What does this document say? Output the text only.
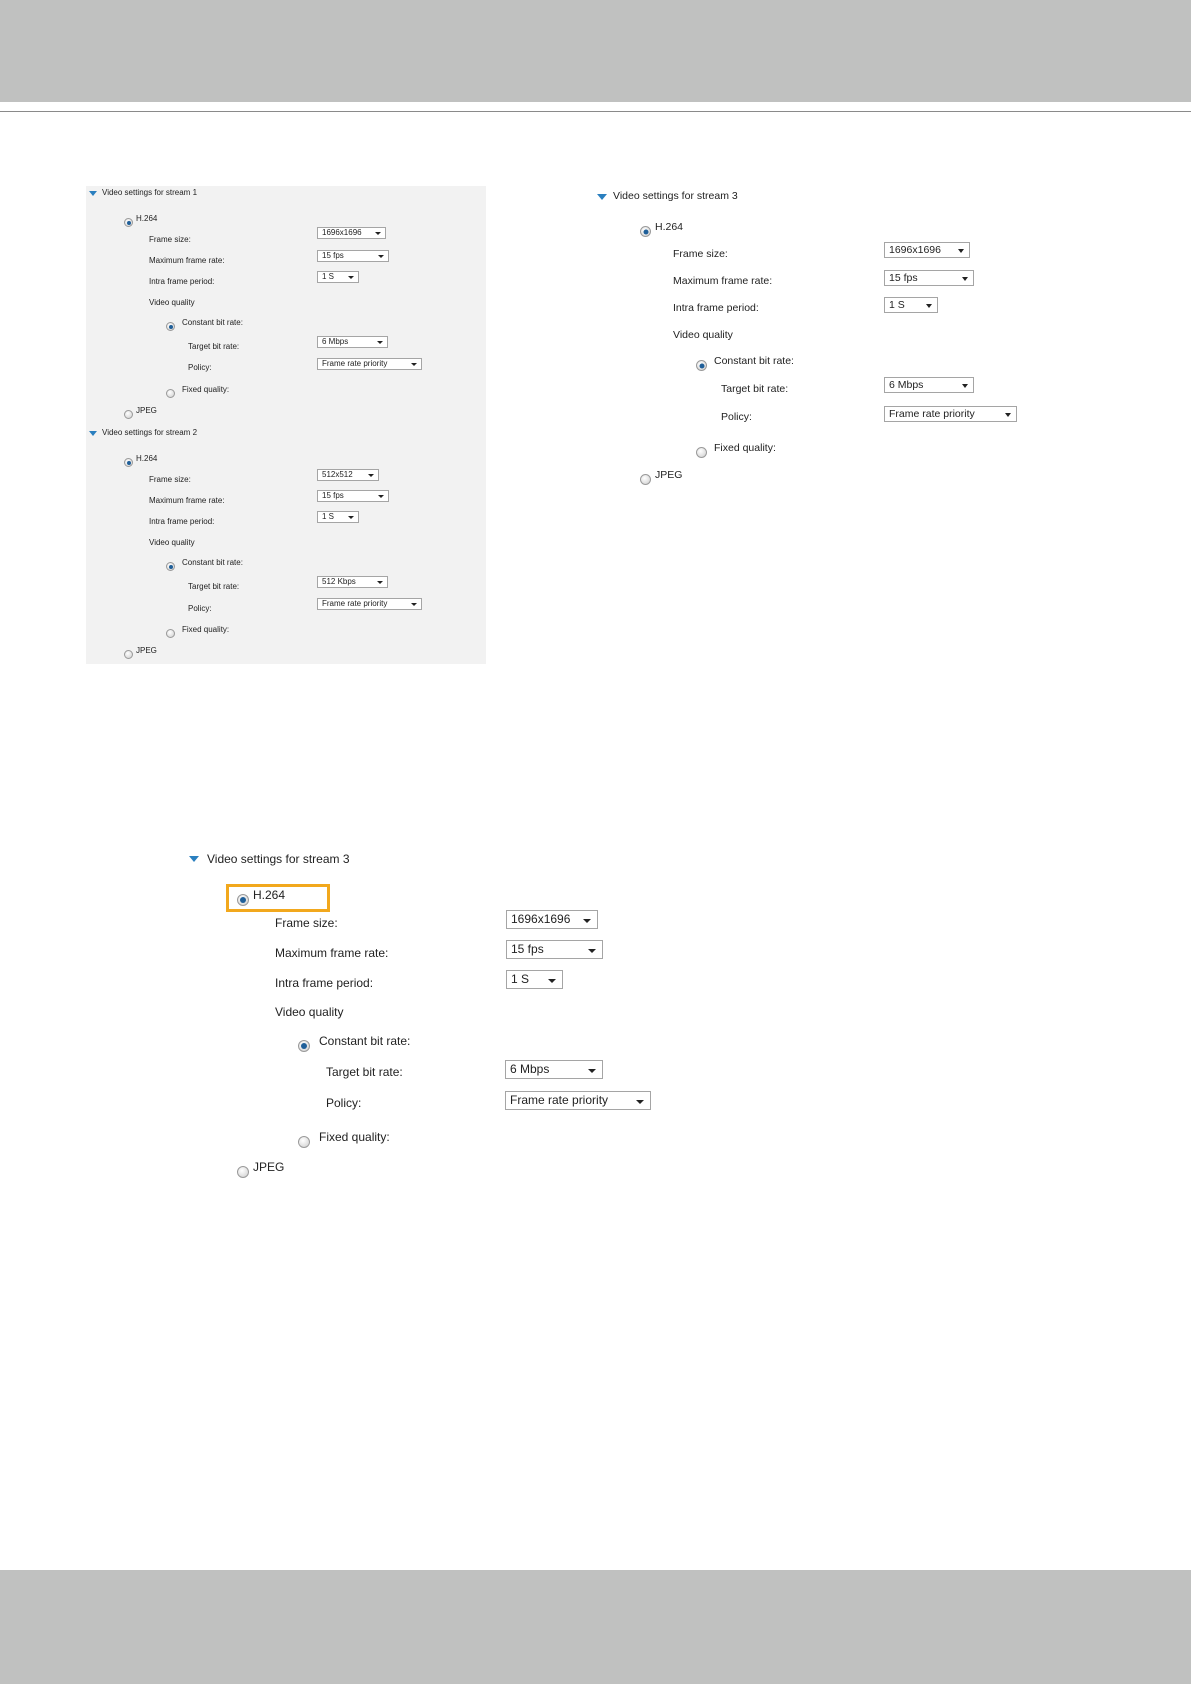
Video settings for stream 1
H.264
Frame size:
1696x1696
Maximum frame rate:
15 fps
Intra frame period:
1 S
Video quality
Constant bit rate:
Target bit rate:
6 Mbps
Policy:	Frame rate priority
Fixed quality:
JPEG
Video settings for stream 2
H.264
Frame size:
512x512
Maximum frame rate:
15 fps
Intra frame period:
1 S
Video quality
Constant bit rate:
Target bit rate:
512 Kbps
Policy:
Frame rate priority
Fixed quality:
JPEG
Video settings for stream 3
H.264
Frame size:	1696x1696
Maximum frame rate:	15 fps
Intra frame period:	1 S
Video quality
Constant bit rate:
Target bit rate:	6 Mbps
Policy:	Frame rate priority
Fixed quality:
JPEG
Video settings for stream 3
H.264
Frame size:	1696x1696
Maximum frame rate:	15 fps
Intra frame period:	1 S
Video quality
Constant bit rate:
Target bit rate:	6 Mbps
Policy:	Frame rate priority
Fixed quality:
JPEG
